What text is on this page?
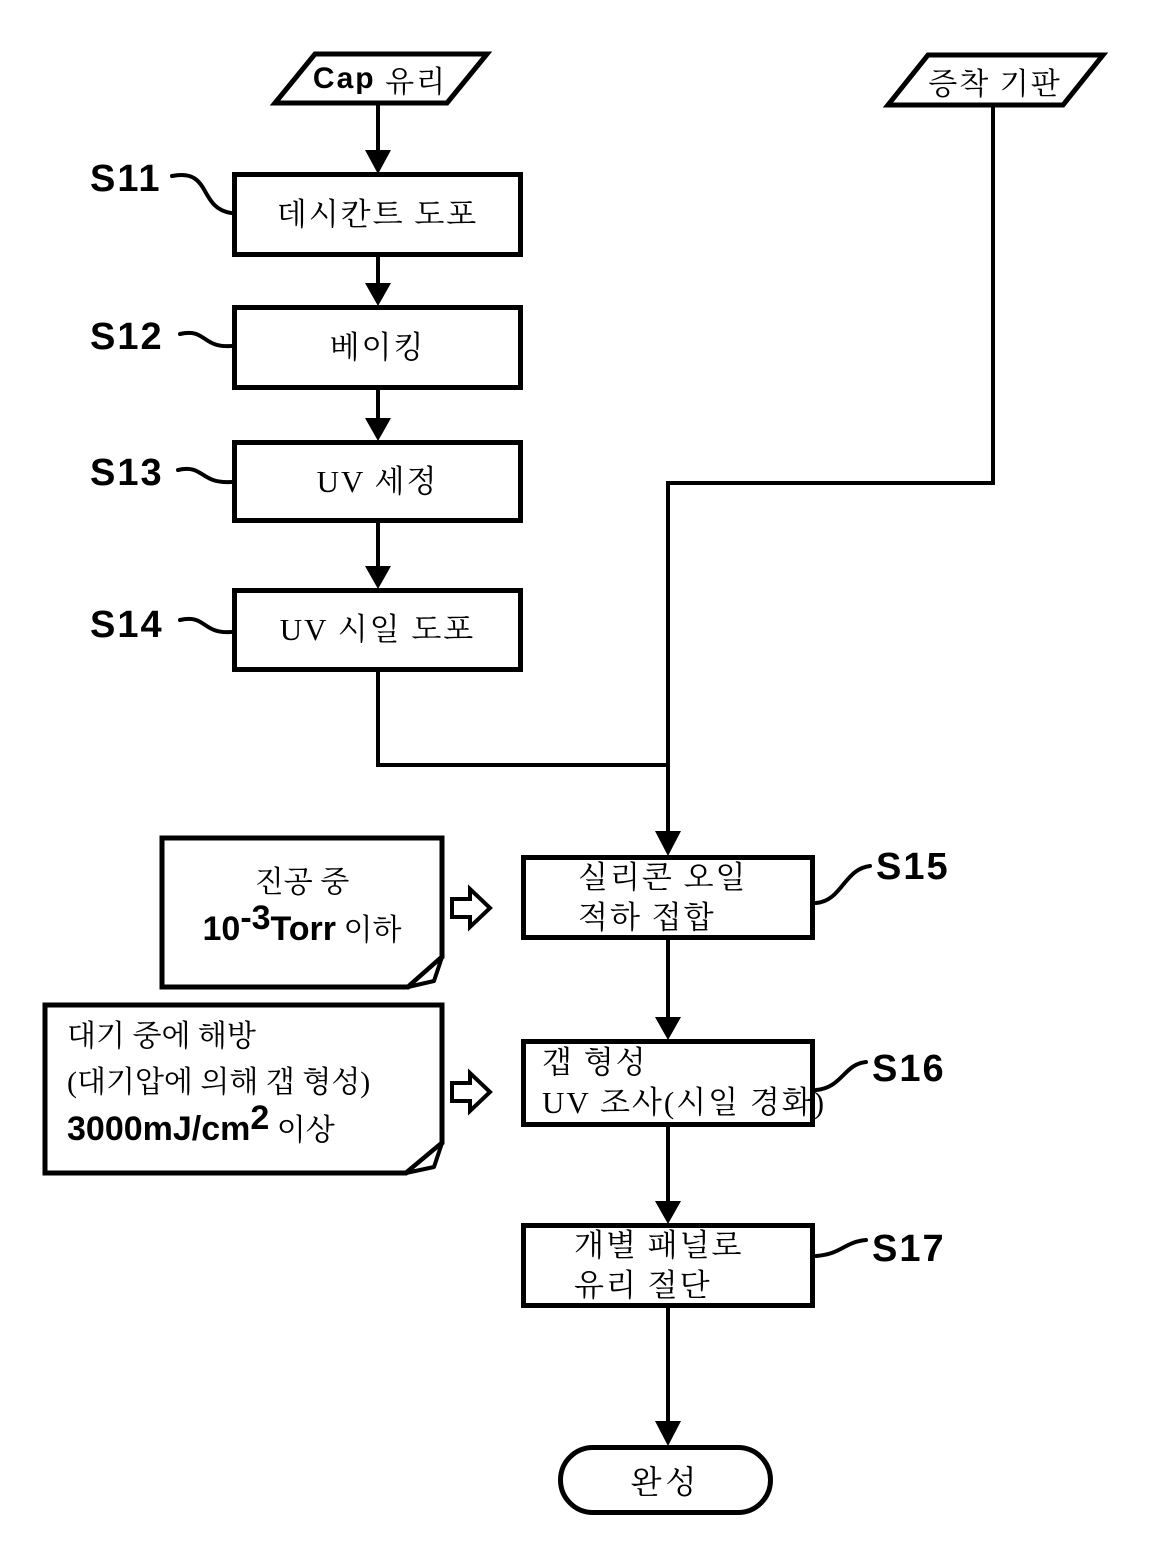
Cap
유리	증착 기판
데시칸트 도포
베이킹
UV 세정
UV 시일 도포
실리콘 오일
적하 접합
갭 형성
UV 조사(시일 경화)
개별 패널로
유리 절단
완성
S11
S12
S13
S14
S15
S16
S17
진공 중
10-3Torr 이하
대기 중에 해방
(대기압에 의해 갭 형성)
3000mJ/cm2 이상
